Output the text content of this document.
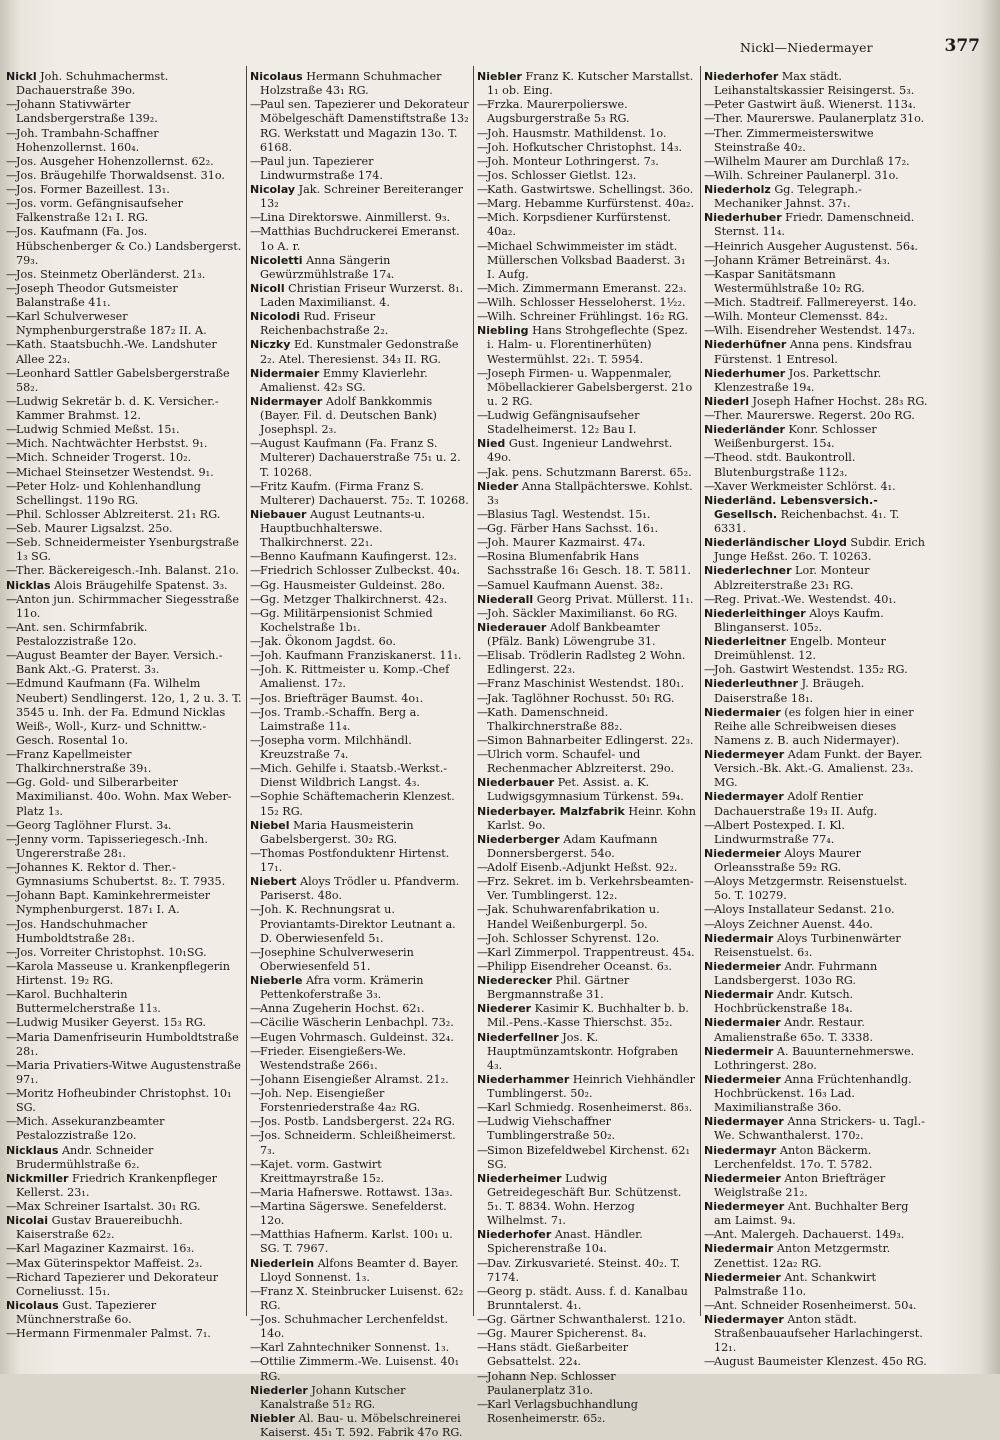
Nickl—Niedermayer	377

Nickl Joh. Schuhmachermst. Dachauerstraße 39o.

—Johann Stativwärter Landsbergerstraße 139₂.

—Joh. Trambahn-Schaffner Hohenzollernst. 160₄.

—Jos. Ausgeher Hohenzollernst. 62₂.

—Jos. Bräugehilfe Thorwaldsenst. 31o.

—Jos. Former Bazeillest. 13₁.

—Jos. vorm. Gefängnisaufseher Falkenstraße 12₁ I. RG.

—Jos. Kaufmann (Fa. Jos. Hübschenberger & Co.) Landsbergerst. 79₃.

—Jos. Steinmetz Oberländerst. 21₃.

—Joseph Theodor Gutsmeister Balanstraße 41₁.

—Karl Schulverweser Nymphenburgerstraße 187₂ II. A.

—Kath. Staatsbuchh.-We. Landshuter Allee 22₃.

—Leonhard Sattler Gabelsbergerstraße 58₂.

—Ludwig Sekretär b. d. K. Versicher.-Kammer Brahmst. 12.

—Ludwig Schmied Meßst. 15₁.

—Mich. Nachtwächter Herbstst. 9₁.

—Mich. Schneider Trogerst. 10₂.

—Michael Steinsetzer Westendst. 9₁.

—Peter Holz- und Kohlenhandlung Schellingst. 119o RG.

—Phil. Schlosser Ablzreiterst. 21₁ RG.

—Seb. Maurer Ligsalzst. 25o.

—Seb. Schneidermeister Ysenburgstraße 1₃ SG.

—Ther. Bäckereigesch.-Inh. Balanst. 21o.

Nicklas Alois Bräugehilfe Spatenst. 3₃.

—Anton jun. Schirmmacher Siegesstraße 11o.

—Ant. sen. Schirmfabrik. Pestalozzistraße 12o.

—August Beamter der Bayer. Versich.-Bank Akt.-G. Praterst. 3₃.

—Edmund Kaufmann (Fa. Wilhelm Neubert) Sendlingerst. 12o, 1, 2 u. 3. T. 3545 u. Inh. der Fa. Edmund Nicklas Weiß-, Woll-, Kurz- und Schnittw.-Gesch. Rosental 1o.

—Franz Kapellmeister Thalkirchnerstraße 39₁.

—Gg. Gold- und Silberarbeiter Maximilianst. 40o. Wohn. Max Weber-Platz 1₃.

—Georg Taglöhner Flurst. 3₄.

—Jenny vorm. Tapisseriegesch.-Inh. Ungererstraße 28₁.

—Johannes K. Rektor d. Ther.-Gymnasiums Schubertst. 8₂. T. 7935.

—Johann Bapt. Kaminkehrermeister Nymphenburgerst. 187₁ I. A.

—Jos. Handschuhmacher Humboldtstraße 28₁.

—Jos. Vorreiter Christophst. 10₁SG.

—Karola Masseuse u. Krankenpflegerin Hirtenst. 19₂ RG.

—Karol. Buchhalterin Buttermelcherstraße 11₃.

—Ludwig Musiker Geyerst. 15₃ RG.

—Maria Damenfriseurin Humboldtstraße 28₁.

—Maria Privatiers-Witwe Augustenstraße 97₁.

—Moritz Hofheubinder Christophst. 10₁ SG.

—Mich. Assekuranzbeamter Pestalozzistraße 12o.

Nicklaus Andr. Schneider Brudermühlstraße 6₂.

Nickmiller Friedrich Krankenpfleger Kellerst. 23₁.

—Max Schreiner Isartalst. 30₁ RG.

Nicolai Gustav Brauereibuchh. Kaiserstraße 62₂.

—Karl Magaziner Kazmairst. 16₃.

—Max Güterinspektor Maffeist. 2₃.

—Richard Tapezierer und Dekorateur Corneliusst. 15₁.

Nicolaus Gust. Tapezierer Münchnerstraße 6o.

—Hermann Firmenmaler Palmst. 7₁.

Nicolaus Hermann Schuhmacher Holzstraße 43₁ RG.

—Paul sen. Tapezierer und Dekorateur Möbelgeschäft Damenstiftstraße 13₂ RG. Werkstatt und Magazin 13o. T. 6168.

—Paul jun. Tapezierer Lindwurmstraße 174.

Nicolay Jak. Schreiner Bereiteranger 13₂

—Lina Direktorswe. Ainmillerst. 9₃.

—Matthias Buchdruckerei Emeranst. 1o A. r.

Nicoletti Anna Sängerin Gewürzmühlstraße 17₄.

Nicoll Christian Friseur Wurzerst. 8₁. Laden Maximilianst. 4.

Nicolodi Rud. Friseur Reichenbachstraße 2₂.

Niczky Ed. Kunstmaler Gedonstraße 2₂. Atel. Theresienst. 34₃ II. RG.

Nidermaier Emmy Klavierlehr. Amalienst. 42₃ SG.

Nidermayer Adolf Bankkommis (Bayer. Fil. d. Deutschen Bank) Josephspl. 2₃.

—August Kaufmann (Fa. Franz S. Multerer) Dachauerstraße 75₁ u. 2. T. 10268.

—Fritz Kaufm. (Firma Franz S. Multerer) Dachauerst. 75₂. T. 10268.

Niebauer August Leutnants-u. Hauptbuchhalterswe. Thalkirchnerst. 22₁.

—Benno Kaufmann Kaufingerst. 12₃.

—Friedrich Schlosser Zulbeckst. 40₄.

—Gg. Hausmeister Guldeinst. 28o.

—Gg. Metzger Thalkirchnerst. 42₃.

—Gg. Militärpensionist Schmied Kochelstraße 1b₁.

—Jak. Ökonom Jagdst. 6o.

—Joh. Kaufmann Franziskanerst. 11₁.

—Joh. K. Rittmeister u. Komp.-Chef Amalienst. 17₂.

—Jos. Briefträger Baumst. 4o₁.

—Jos. Tramb.-Schaffn. Berg a. Laimstraße 11₄.

—Josepha vorm. Milchhändl. Kreuzstraße 7₄.

—Mich. Gehilfe i. Staatsb.-Werkst.-Dienst Wildbrich Langst. 4₃.

—Sophie Schäftemacherin Klenzest. 15₂ RG.

Niebel Maria Hausmeisterin Gabelsbergerst. 30₂ RG.

—Thomas Postfonduktenr Hirtenst. 17₁.

Niebert Aloys Trödler u. Pfandverm. Pariserst. 48o.

—Joh. K. Rechnungsrat u. Proviantamts-Direktor Leutnant a. D. Oberwiesenfeld 5₁.

—Josephine Schulverweserin Oberwiesenfeld 51.

Nieberle Afra vorm. Krämerin Pettenkoferstraße 3₃.

—Anna Zugeherin Hochst. 62₁.

—Cäcilie Wäscherin Lenbachpl. 73₂.

—Eugen Vohrmasch. Guldeinst. 32₄.

—Frieder. Eisengießers-We. Westendstraße 266₁.

—Johann Eisengießer Alramst. 21₂.

—Joh. Nep. Eisengießer Forstenriederstraße 4a₂ RG.

—Jos. Postb. Landsbergerst. 22₄ RG.

—Jos. Schneiderm. Schleißheimerst. 7₃.

—Kajet. vorm. Gastwirt Kreittmayrstraße 15₂.

—Maria Hafnerswe. Rottawst. 13a₃.

—Martina Sägerswe. Senefelderst. 12o.

—Matthias Hafnerm. Karlst. 100₁ u. SG. T. 7967.

Niederlein Alfons Beamter d. Bayer. Lloyd Sonnenst. 1₃.

—Franz X. Steinbrucker Luisenst. 62₂ RG.

—Jos. Schuhmacher Lerchenfeldst. 14o.

—Karl Zahntechniker Sonnenst. 1₃.

—Ottilie Zimmerm.-We. Luisenst. 40₁ RG.

Niederler Johann Kutscher Kanalstraße 51₂ RG.

Niebler Al. Bau- u. Möbelschreinerei Kaiserst. 45₁ T. 592. Fabrik 47o RG.

Niebler Franz K. Kutscher Marstallst. 1₁ ob. Eing.

—Frzka. Maurerpolierswe. Augsburgerstraße 5₃ RG.

—Joh. Hausmstr. Mathildenst. 1o.

—Joh. Hofkutscher Christophst. 14₃.

—Joh. Monteur Lothringerst. 7₃.

—Jos. Schlosser Gietlst. 12₃.

—Kath. Gastwirtswe. Schellingst. 36o.

—Marg. Hebamme Kurfürstenst. 40a₂.

—Mich. Korpsdiener Kurfürstenst. 40a₂.

—Michael Schwimmeister im städt. Müllerschen Volksbad Baaderst. 3₁ I. Aufg.

—Mich. Zimmermann Emeranst. 22₃.

—Wilh. Schlosser Hesseloherst. 1½₂.

—Wilh. Schreiner Frühlingst. 16₂ RG.

Niebling Hans Strohgeflechte (Spez. i. Halm- u. Florentinerhüten) Westermühlst. 22₁. T. 5954.

—Joseph Firmen- u. Wappenmaler, Möbellackierer Gabelsbergerst. 21o u. 2 RG.

—Ludwig Gefängnisaufseher Stadelheimerst. 12₂ Bau I.

Nied Gust. Ingenieur Landwehrst. 49o.

—Jak. pens. Schutzmann Barerst. 65₂.

Nieder Anna Stallpächterswe. Kohlst. 3₃

—Blasius Tagl. Westendst. 15₁.

—Gg. Färber Hans Sachsst. 16₁.

—Joh. Maurer Kazmairst. 47₄.

—Rosina Blumenfabrik Hans Sachsstraße 16₁ Gesch. 18. T. 5811.

—Samuel Kaufmann Auenst. 38₂.

Niederall Georg Privat. Müllerst. 11₁.

—Joh. Säckler Maximilianst. 6o RG.

Niederauer Adolf Bankbeamter (Pfälz. Bank) Löwengrube 31.

—Elisab. Trödlerin Radlsteg 2 Wohn. Edlingerst. 22₃.

—Franz Maschinist Westendst. 180₁.

—Jak. Taglöhner Rochusst. 50₁ RG.

—Kath. Damenschneid. Thalkirchnerstraße 88₂.

—Simon Bahnarbeiter Edlingerst. 22₃.

—Ulrich vorm. Schaufel- und Rechenmacher Ablzreiterst. 29o.

Niederbauer Pet. Assist. a. K. Ludwigsgymnasium Türkenst. 59₄.

Niederbayer. Malzfabrik Heinr. Kohn Karlst. 9o.

Niederberger Adam Kaufmann Donnersbergerst. 54o.

—Adolf Eisenb.-Adjunkt Heßst. 92₂.

—Frz. Sekret. im b. Verkehrsbeamten-Ver. Tumblingerst. 12₂.

—Jak. Schuhwarenfabrikation u. Handel Weißenburgerpl. 5o.

—Joh. Schlosser Schyrenst. 12o.

—Karl Zimmerpol. Trappentreust. 45₄.

—Philipp Eisendreher Oceanst. 6₃.

Niederecker Phil. Gärtner Bergmannstraße 31.

Niederer Kasimir K. Buchhalter b. b. Mil.-Pens.-Kasse Thierschst. 35₂.

Niederfellner Jos. K. Hauptmünzamtskontr. Hofgraben 4₃.

Niederhammer Heinrich Viehhändler Tumblingerst. 50₂.

—Karl Schmiedg. Rosenheimerst. 86₃.

—Ludwig Viehschaffner Tumblingerstraße 50₂.

—Simon Bizefeldwebel Kirchenst. 62₁ SG.

Niederheimer Ludwig Getreidegeschäft Bur. Schützenst. 5₁. T. 8834. Wohn. Herzog Wilhelmst. 7₁.

Niederhofer Anast. Händler. Spicherenstraße 10₄.

—Dav. Zirkusvarieté. Steinst. 40₂. T. 7174.

—Georg p. städt. Auss. f. d. Kanalbau Brunntalerst. 4₁.

—Gg. Gärtner Schwanthalerst. 121o.

—Gg. Maurer Spicherenst. 8₄.

—Hans städt. Gießarbeiter Gebsattelst. 22₄.

—Johann Nep. Schlosser Paulanerplatz 31o.

—Karl Verlagsbuchhandlung Rosenheimerstr. 65₂.

Niederhofer Max städt. Leihanstaltskassier Reisingerst. 5₃.

—Peter Gastwirt äuß. Wienerst. 113₄.

—Ther. Maurerswe. Paulanerplatz 31o.

—Ther. Zimmermeisterswitwe Steinstraße 40₂.

—Wilhelm Maurer am Durchlaß 17₂.

—Wilh. Schreiner Paulanerpl. 31o.

Niederholz Gg. Telegraph.-Mechaniker Jahnst. 37₁.

Niederhuber Friedr. Damenschneid. Sternst. 11₄.

—Heinrich Ausgeher Augustenst. 56₄.

—Johann Krämer Betreinärst. 4₃.

—Kaspar Sanitätsmann Westermühlstraße 10₂ RG.

—Mich. Stadtreif. Fallmereyerst. 14o.

—Wilh. Monteur Clemensst. 84₂.

—Wilh. Eisendreher Westendst. 147₃.

Niederhüfner Anna pens. Kindsfrau Fürstenst. 1 Entresol.

Niederhumer Jos. Parkettschr. Klenzestraße 19₄.

Niederl Joseph Hafner Hochst. 28₃ RG.

—Ther. Maurerswe. Regerst. 20o RG.

Niederländer Konr. Schlosser Weißenburgerst. 15₄.

—Theod. stdt. Baukontroll. Blutenburgstraße 112₃.

—Xaver Werkmeister Schlörst. 4₁.

Niederländ. Lebensversich.-Gesellsch. Reichenbachst. 4₁. T. 6331.

Niederländischer Lloyd Subdir. Erich Junge Heßst. 26o. T. 10263.

Niederlechner Lor. Monteur Ablzreiterstraße 23₁ RG.

—Reg. Privat.-We. Westendst. 40₁.

Niederleithinger Aloys Kaufm. Blinganserst. 105₂.

Niederleitner Engelb. Monteur Dreimühlenst. 12.

—Joh. Gastwirt Westendst. 135₂ RG.

Niederleuthner J. Bräugeh. Daiserstraße 18₁.

Niedermaier (es folgen hier in einer Reihe alle Schreibweisen dieses Namens z. B. auch Nidermayer).

Niedermeyer Adam Funkt. der Bayer. Versich.-Bk. Akt.-G. Amalienst. 23₃. MG.

Niedermayer Adolf Rentier Dachauerstraße 19₃ II. Aufg.

—Albert Postexped. I. Kl. Lindwurmstraße 77₄.

Niedermeier Aloys Maurer Orleansstraße 59₂ RG.

—Aloys Metzgermstr. Reisenstuelst. 5o. T. 10279.

—Aloys Installateur Sedanst. 21o.

—Aloys Zeichner Auenst. 44o.

Niedermair Aloys Turbinenwärter Reisenstuelst. 6₃.

Niedermeier Andr. Fuhrmann Landsbergerst. 103o RG.

Niedermair Andr. Kutsch. Hochbrückenstraße 18₄.

Niedermaier Andr. Restaur. Amalienstraße 65o. T. 3338.

Niedermeir A. Bauunternehmerswe. Lothringerst. 28o.

Niedermeier Anna Früchtenhandlg. Hochbrückenst. 16₃ Lad. Maximilianstraße 36o.

Niedermayer Anna Strickers- u. Tagl.-We. Schwanthalerst. 170₂.

Niedermayr Anton Bäckerm. Lerchenfeldst. 17o. T. 5782.

Niedermeier Anton Briefträger Weiglstraße 21₂.

Niedermeyer Ant. Buchhalter Berg am Laimst. 9₄.

—Ant. Malergeh. Dachauerst. 149₃.

Niedermair Anton Metzgermstr. Zenettist. 12a₂ RG.

Niedermeier Ant. Schankwirt Palmstraße 11o.

—Ant. Schneider Rosenheimerst. 50₄.

Niedermayer Anton städt. Straßenbauaufseher Harlachingerst. 12₁.

—August Baumeister Klenzest. 45o RG.
